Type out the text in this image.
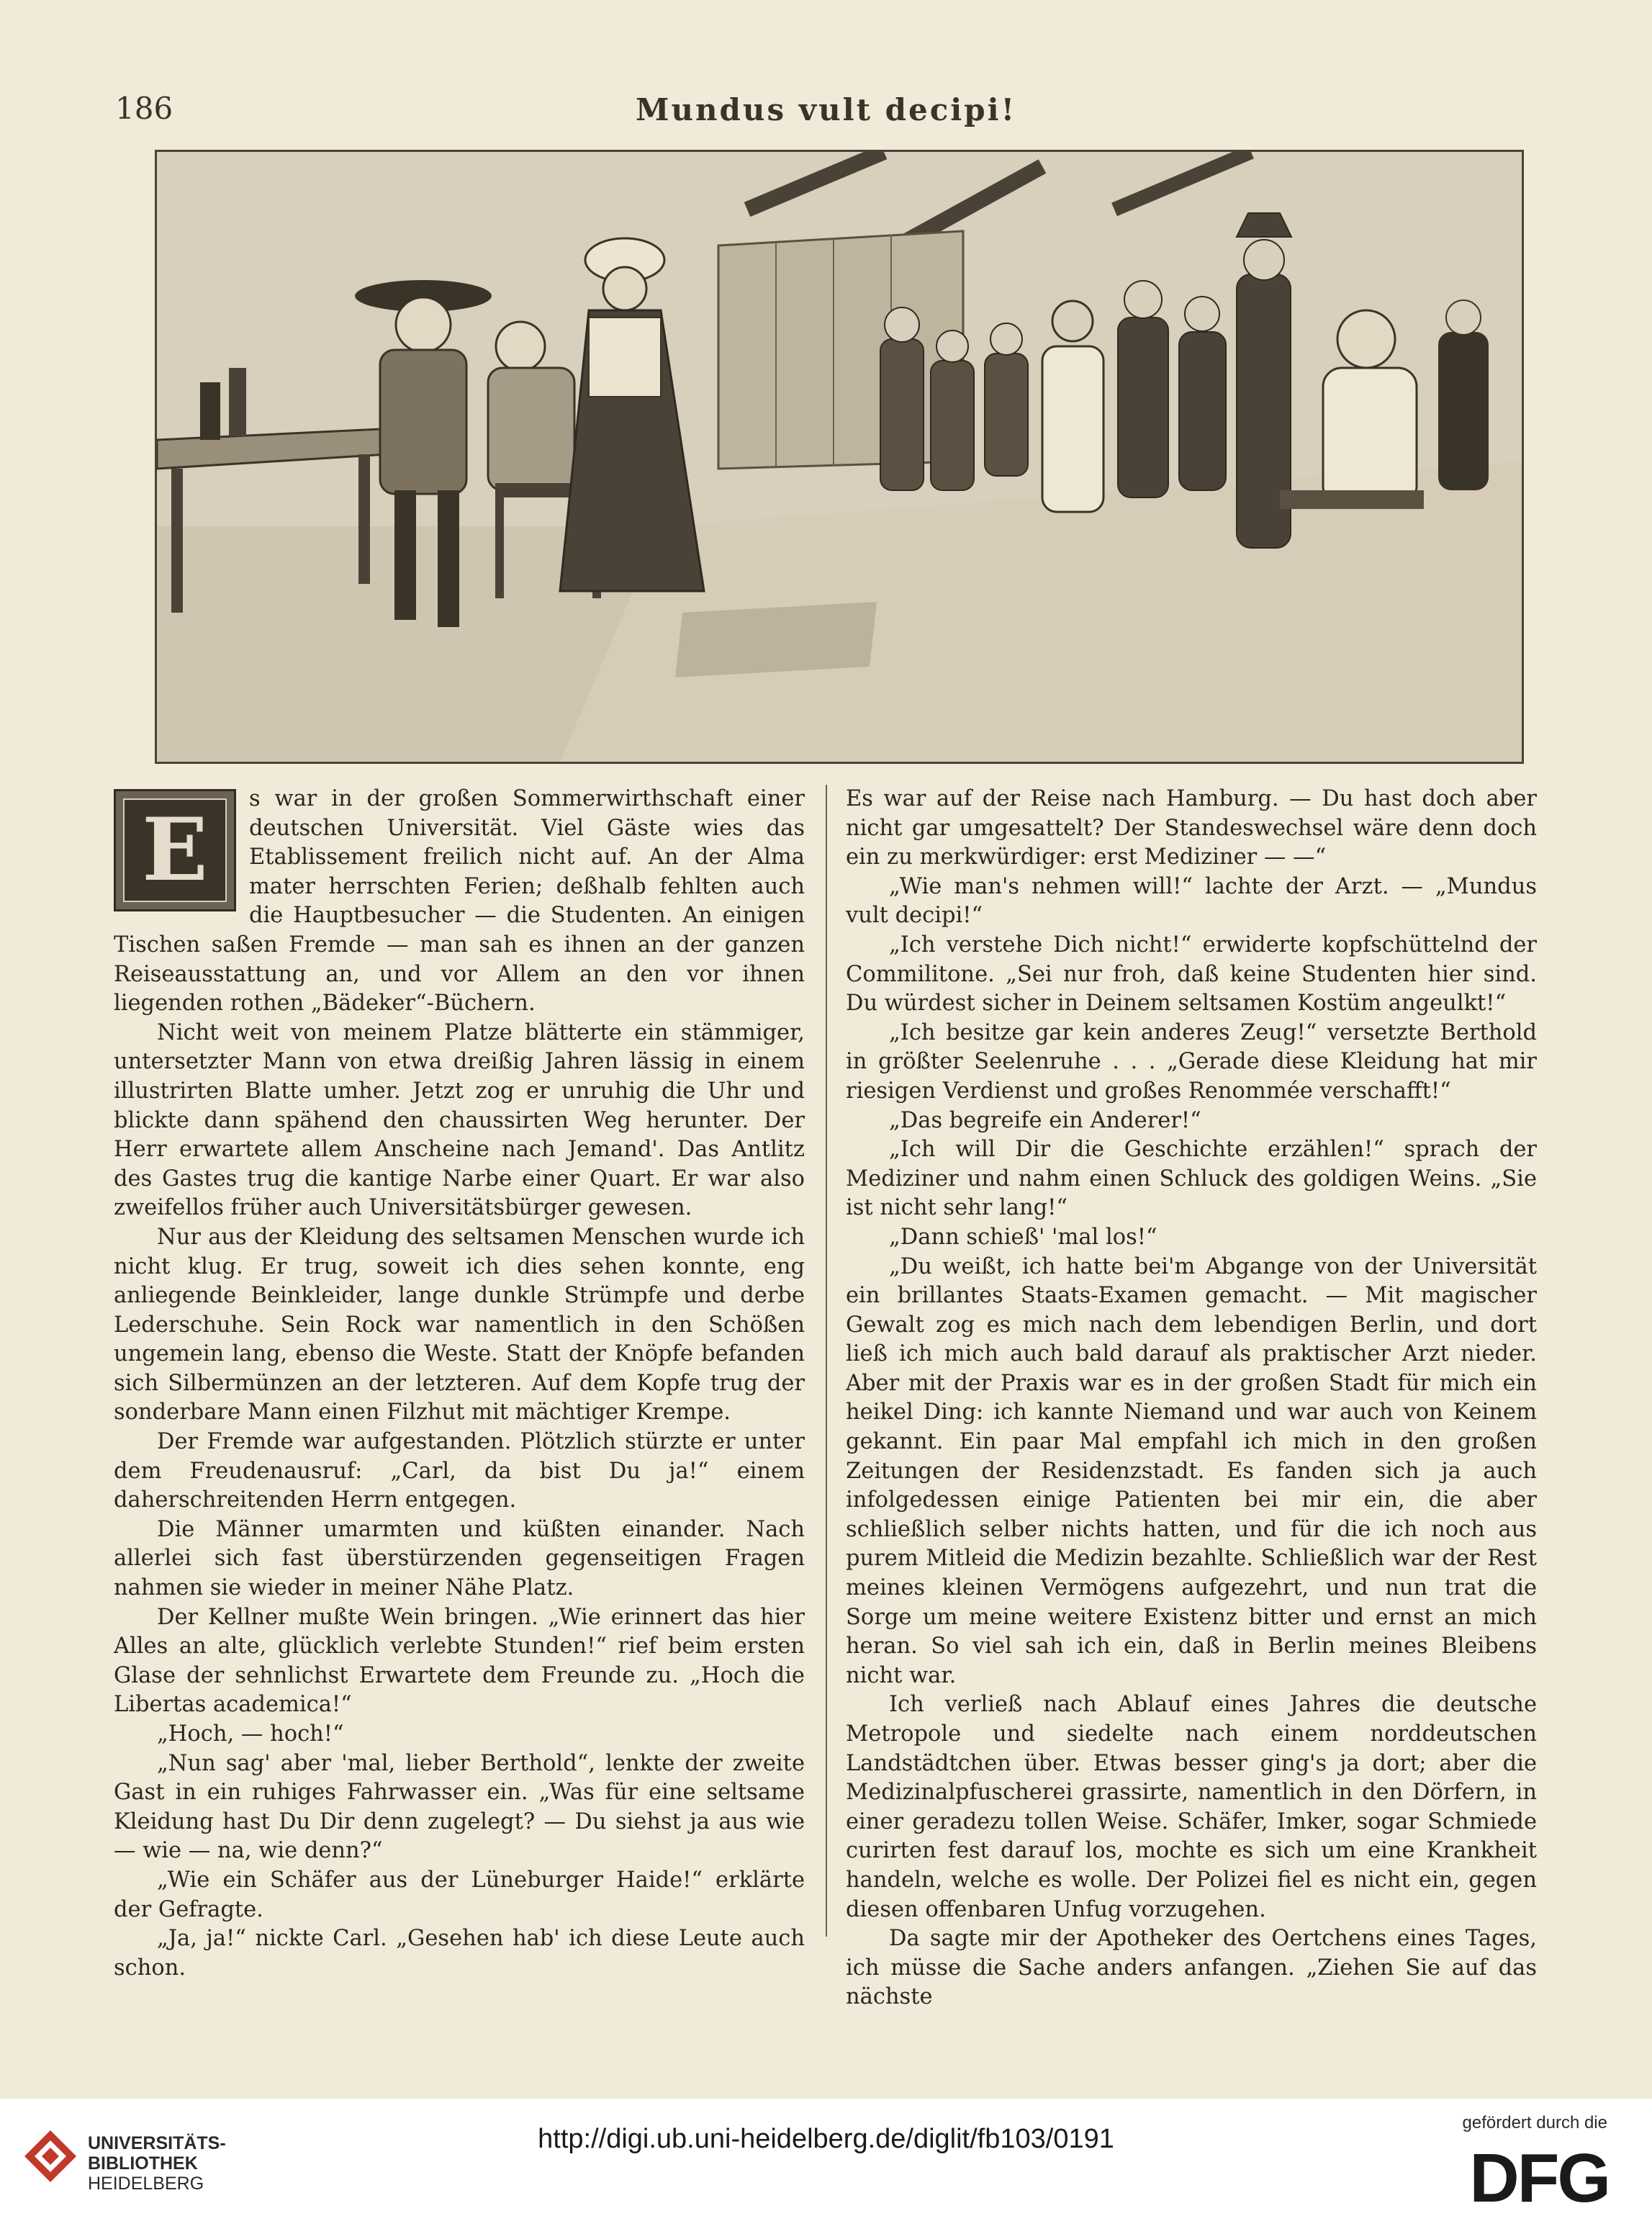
186	Mundus vult decipi!
E

s war in der großen Sommerwirthschaft einer deutschen Universität. Viel Gäste wies das Etablissement freilich nicht auf. An der Alma mater herrschten Ferien; deßhalb fehlten auch die Hauptbesucher — die Studenten. An einigen Tischen saßen Fremde — man sah es ihnen an der ganzen Reiseausstattung an, und vor Allem an den vor ihnen liegenden rothen „Bädeker“-Büchern.

Nicht weit von meinem Platze blätterte ein stämmiger, untersetzter Mann von etwa dreißig Jahren lässig in einem illustrirten Blatte umher. Jetzt zog er unruhig die Uhr und blickte dann spähend den chaussirten Weg herunter. Der Herr erwartete allem Anscheine nach Jemand'. Das Antlitz des Gastes trug die kantige Narbe einer Quart. Er war also zweifellos früher auch Universitätsbürger gewesen.

Nur aus der Kleidung des seltsamen Menschen wurde ich nicht klug. Er trug, soweit ich dies sehen konnte, eng anliegende Beinkleider, lange dunkle Strümpfe und derbe Lederschuhe. Sein Rock war namentlich in den Schößen ungemein lang, ebenso die Weste. Statt der Knöpfe befanden sich Silbermünzen an der letzteren. Auf dem Kopfe trug der sonderbare Mann einen Filzhut mit mächtiger Krempe.

Der Fremde war aufgestanden. Plötzlich stürzte er unter dem Freudenausruf: „Carl, da bist Du ja!“ einem daherschreitenden Herrn entgegen.

Die Männer umarmten und küßten einander. Nach allerlei sich fast überstürzenden gegenseitigen Fragen nahmen sie wieder in meiner Nähe Platz.

Der Kellner mußte Wein bringen. „Wie erinnert das hier Alles an alte, glücklich verlebte Stunden!“ rief beim ersten Glase der sehnlichst Erwartete dem Freunde zu. „Hoch die Libertas academica!“

„Hoch, — hoch!“

„Nun sag' aber 'mal, lieber Berthold“, lenkte der zweite Gast in ein ruhiges Fahrwasser ein. „Was für eine seltsame Kleidung hast Du Dir denn zugelegt? — Du siehst ja aus wie — wie — na, wie denn?“

„Wie ein Schäfer aus der Lüneburger Haide!“ erklärte der Gefragte.

„Ja, ja!“ nickte Carl. „Gesehen hab' ich diese Leute auch schon.

Es war auf der Reise nach Hamburg. — Du hast doch aber nicht gar umgesattelt? Der Standeswechsel wäre denn doch ein zu merkwürdiger: erst Mediziner — —“

„Wie man's nehmen will!“ lachte der Arzt. — „Mundus vult decipi!“

„Ich verstehe Dich nicht!“ erwiderte kopfschüttelnd der Commilitone. „Sei nur froh, daß keine Studenten hier sind. Du würdest sicher in Deinem seltsamen Kostüm angeulkt!“

„Ich besitze gar kein anderes Zeug!“ versetzte Berthold in größter Seelenruhe . . . „Gerade diese Kleidung hat mir riesigen Verdienst und großes Renommée verschafft!“

„Das begreife ein Anderer!“

„Ich will Dir die Geschichte erzählen!“ sprach der Mediziner und nahm einen Schluck des goldigen Weins. „Sie ist nicht sehr lang!“

„Dann schieß' 'mal los!“

„Du weißt, ich hatte bei'm Abgange von der Universität ein brillantes Staats-Examen gemacht. — Mit magischer Gewalt zog es mich nach dem lebendigen Berlin, und dort ließ ich mich auch bald darauf als praktischer Arzt nieder. Aber mit der Praxis war es in der großen Stadt für mich ein heikel Ding: ich kannte Niemand und war auch von Keinem gekannt. Ein paar Mal empfahl ich mich in den großen Zeitungen der Residenzstadt. Es fanden sich ja auch infolgedessen einige Patienten bei mir ein, die aber schließlich selber nichts hatten, und für die ich noch aus purem Mitleid die Medizin bezahlte. Schließlich war der Rest meines kleinen Vermögens aufgezehrt, und nun trat die Sorge um meine weitere Existenz bitter und ernst an mich heran. So viel sah ich ein, daß in Berlin meines Bleibens nicht war.

Ich verließ nach Ablauf eines Jahres die deutsche Metropole und siedelte nach einem norddeutschen Landstädtchen über. Etwas besser ging's ja dort; aber die Medizinalpfuscherei grassirte, namentlich in den Dörfern, in einer geradezu tollen Weise. Schäfer, Imker, sogar Schmiede curirten fest darauf los, mochte es sich um eine Krankheit handeln, welche es wolle. Der Polizei fiel es nicht ein, gegen diesen offenbaren Unfug vorzugehen.

Da sagte mir der Apotheker des Oertchens eines Tages, ich müsse die Sache anders anfangen. „Ziehen Sie auf das nächste

UNIVERSITÄTS-
BIBLIOTHEK
HEIDELBERG
http://digi.ub.uni-heidelberg.de/diglit/fb103/0191
gefördert durch die
DFG
